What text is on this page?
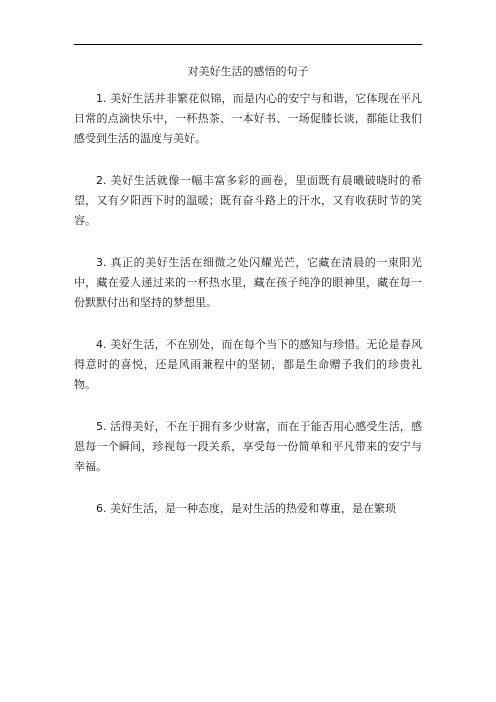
对美好生活的感悟的句子

1. 美好生活并非繁花似锦，而是内心的安宁与和谐，它体现在平凡日常的点滴快乐中，一杯热茶、一本好书、一场促膝长谈，都能让我们感受到生活的温度与美好。

2. 美好生活就像一幅丰富多彩的画卷，里面既有晨曦破晓时的希望，又有夕阳西下时的温暖；既有奋斗路上的汗水，又有收获时节的笑容。

3. 真正的美好生活在细微之处闪耀光芒，它藏在清晨的一束阳光中，藏在爱人递过来的一杯热水里，藏在孩子纯净的眼神里，藏在每一份默默付出和坚持的梦想里。

4. 美好生活，不在别处，而在每个当下的感知与珍惜。无论是春风得意时的喜悦，还是风雨兼程中的坚韧，都是生命赠予我们的珍贵礼物。

5. 活得美好，不在于拥有多少财富，而在于能否用心感受生活，感恩每一个瞬间，珍视每一段关系，享受每一份简单和平凡带来的安宁与幸福。

6. 美好生活，是一种态度，是对生活的热爱和尊重，是在繁琐
